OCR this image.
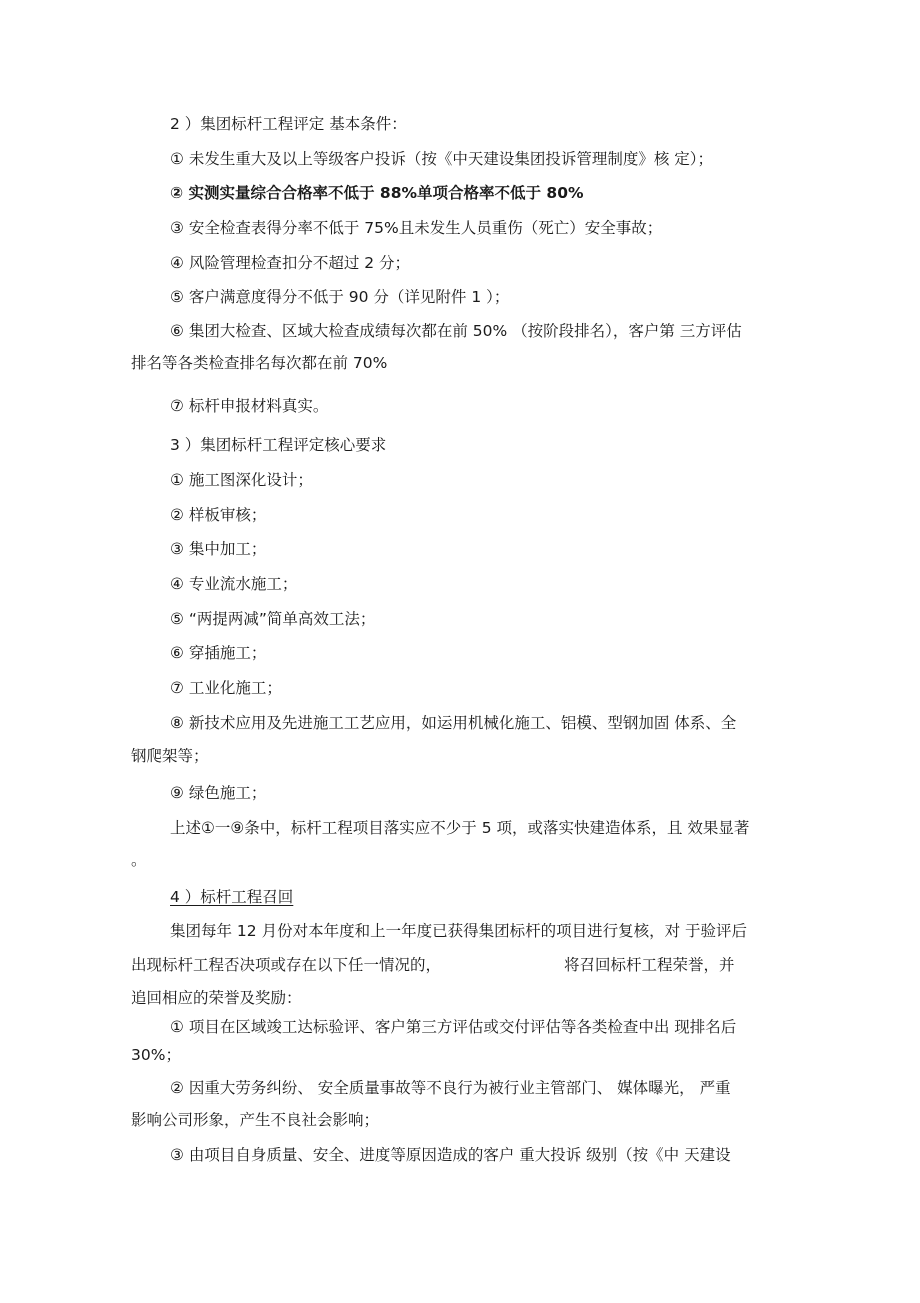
2 ）集团标杆工程评定 基本条件：
① 未发生重大及以上等级客户投诉（按《中天建设集团投诉管理制度》核 定）；
② 实测实量综合合格率不低于 88%单项合格率不低于 80%
③ 安全检查表得分率不低于 75%且未发生人员重伤（死亡）安全事故；
④ 风险管理检查扣分不超过 2 分；
⑤ 客户满意度得分不低于 90 分（详见附件 1 ）；
⑥ 集团大检查、区域大检查成绩每次都在前 50% （按阶段排名），客户第 三方评估
排名等各类检查排名每次都在前 70%
⑦ 标杆申报材料真实。
3 ）集团标杆工程评定核心要求
① 施工图深化设计；
② 样板审核；
③ 集中加工；
④ 专业流水施工；
⑤ “两提两减”简单高效工法；
⑥ 穿插施工；
⑦ 工业化施工；
⑧ 新技术应用及先进施工工艺应用，如运用机械化施工、铝模、型钢加固 体系、全
钢爬架等；
⑨ 绿色施工；
上述①一⑨条中，标杆工程项目落实应不少于 5 项，或落实快建造体系，且 效果显著
。
4 ）标杆工程召回
集团每年 12 月份对本年度和上一年度已获得集团标杆的项目进行复核，对 于验评后
出现标杆工程否决项或存在以下任一情况的，	将召回标杆工程荣誉，并
追回相应的荣誉及奖励：
① 项目在区域竣工达标验评、客户第三方评估或交付评估等各类检查中出 现排名后
30%；
② 因重大劳务纠纷、 安全质量事故等不良行为被行业主管部门、 媒体曝光， 严重
影响公司形象，产生不良社会影响；
③ 由项目自身质量、安全、进度等原因造成的客户 重大投诉 级别（按《中 天建设
